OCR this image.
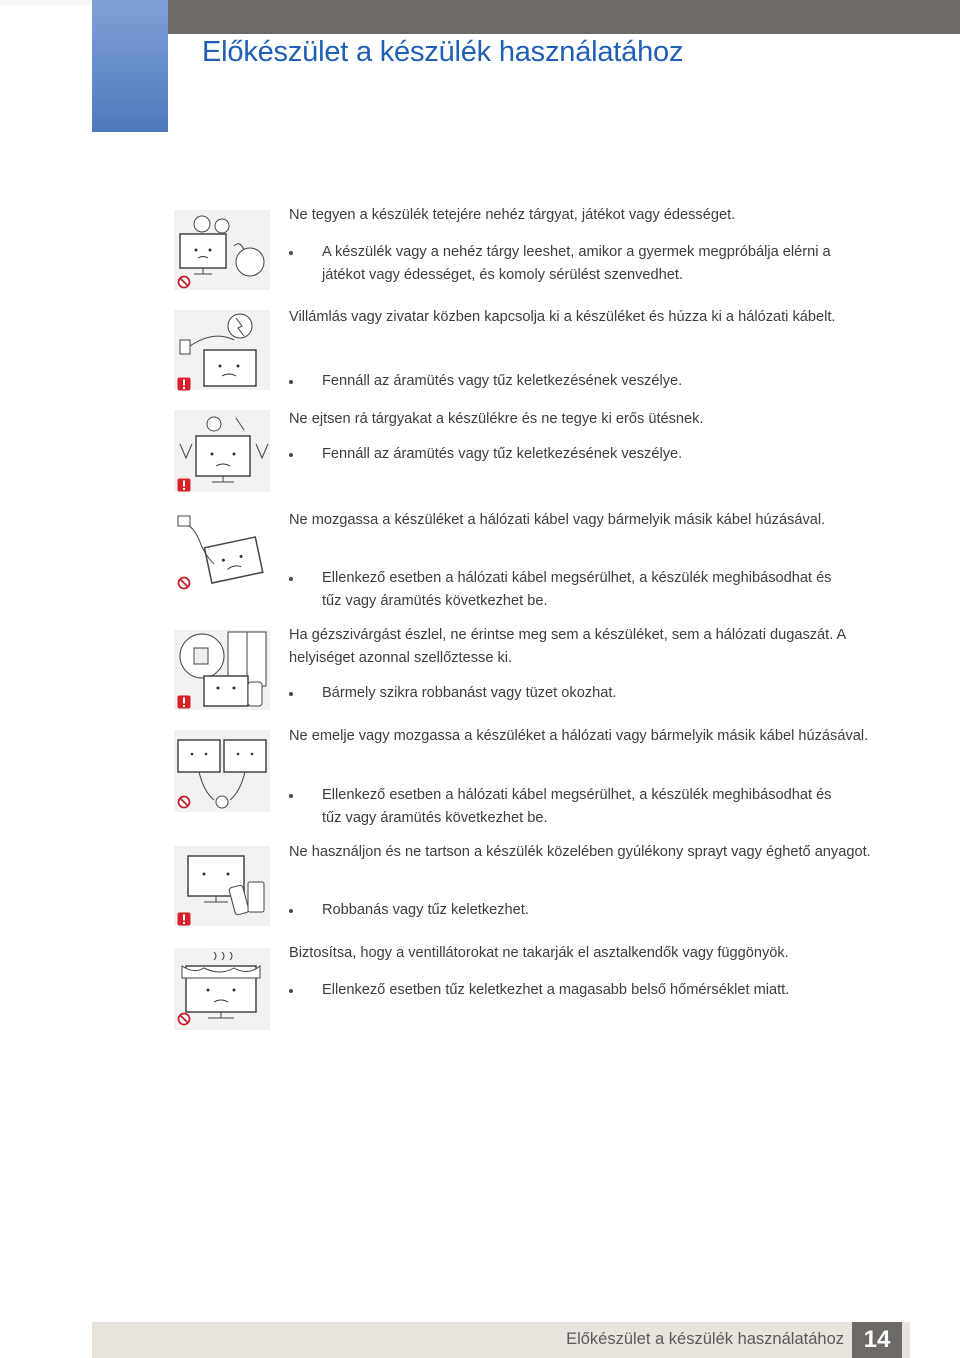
Előkészület a készülék használatához
Ne tegyen a készülék tetejére nehéz tárgyat, játékot vagy édességet.
A készülék vagy a nehéz tárgy leeshet, amikor a gyermek megpróbálja elérni a játékot vagy édességet, és komoly sérülést szenvedhet.
Villámlás vagy zivatar közben kapcsolja ki a készüléket és húzza ki a hálózati kábelt.
Fennáll az áramütés vagy tűz keletkezésének veszélye.
Ne ejtsen rá tárgyakat a készülékre és ne tegye ki erős ütésnek.
Fennáll az áramütés vagy tűz keletkezésének veszélye.
Ne mozgassa a készüléket a hálózati kábel vagy bármelyik másik kábel húzásával.
Ellenkező esetben a hálózati kábel megsérülhet, a készülék meghibásodhat és tűz vagy áramütés következhet be.
Ha gézszivárgást észlel, ne érintse meg sem a készüléket, sem a hálózati dugaszát. A helyiséget azonnal szellőztesse ki.
Bármely szikra robbanást vagy tüzet okozhat.
Ne emelje vagy mozgassa a készüléket a hálózati vagy bármelyik másik kábel húzásával.
Ellenkező esetben a hálózati kábel megsérülhet, a készülék meghibásodhat és tűz vagy áramütés következhet be.
Ne használjon és ne tartson a készülék közelében gyúlékony sprayt vagy éghető anyagot.
Robbanás vagy tűz keletkezhet.
Biztosítsa, hogy a ventillátorokat ne takarják el asztalkendők vagy függönyök.
Ellenkező esetben tűz keletkezhet a magasabb belső hőmérséklet miatt.
Előkészület a készülék használatához 14
